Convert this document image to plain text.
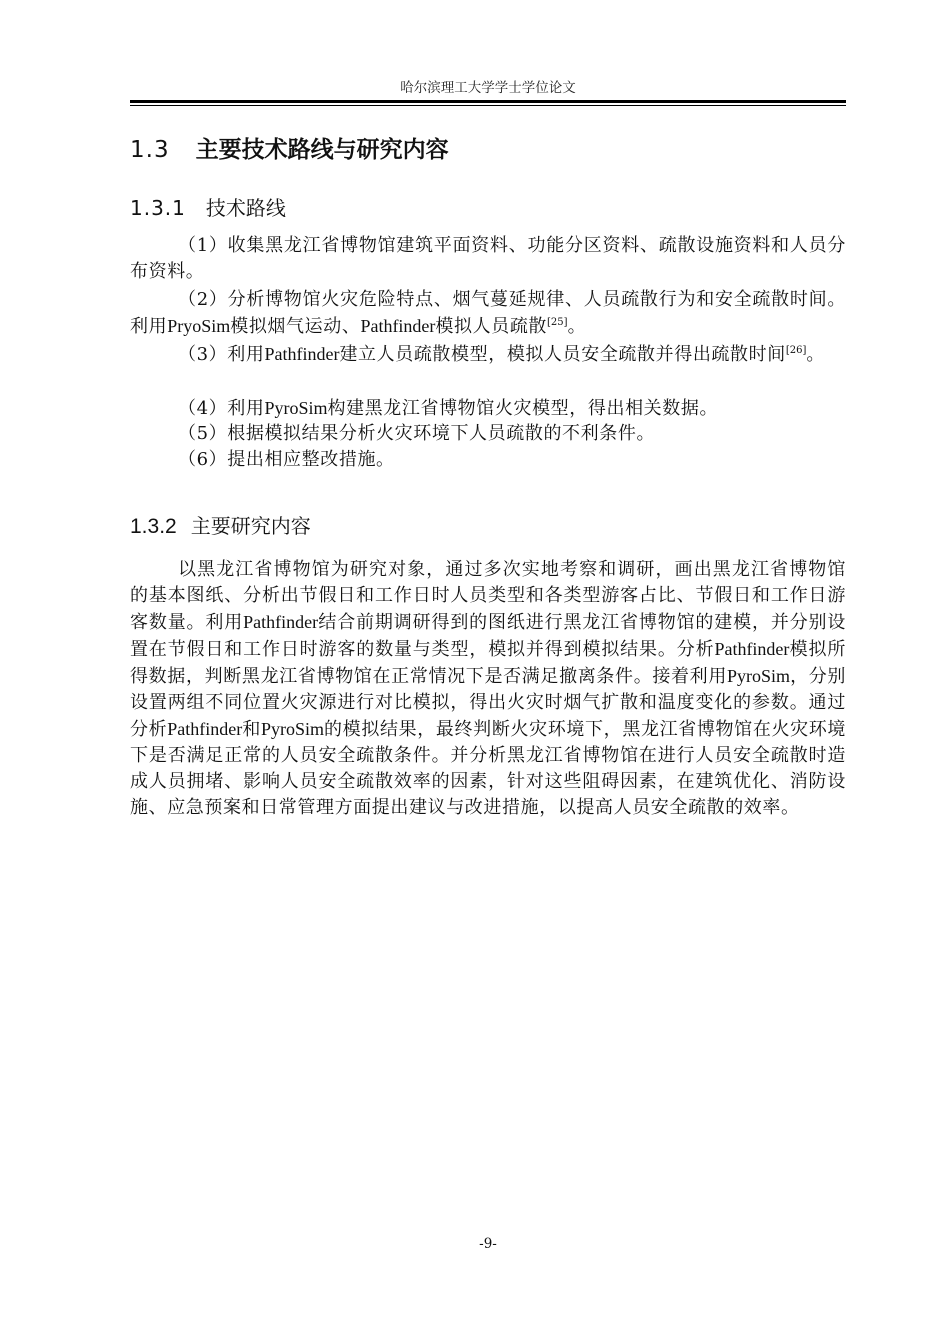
哈尔滨理工大学学士学位论文
1.3 主要技术路线与研究内容
1.3.1 技术路线

（1）收集黑龙江省博物馆建筑平面资料、功能分区资料、疏散设施资料和人员分布资料。

（2）分析博物馆火灾危险特点、烟气蔓延规律、人员疏散行为和安全疏散时间。利用PryoSim模拟烟气运动、Pathfinder模拟人员疏散[25]。

（3）利用Pathfinder建立人员疏散模型，模拟人员安全疏散并得出疏散时间[26]。

（4）利用PyroSim构建黑龙江省博物馆火灾模型，得出相关数据。

（5）根据模拟结果分析火灾环境下人员疏散的不利条件。

（6）提出相应整改措施。

1.3.2 主要研究内容

以黑龙江省博物馆为研究对象，通过多次实地考察和调研，画出黑龙江省博物馆的基本图纸、分析出节假日和工作日时人员类型和各类型游客占比、节假日和工作日游客数量。利用Pathfinder结合前期调研得到的图纸进行黑龙江省博物馆的建模，并分别设置在节假日和工作日时游客的数量与类型，模拟并得到模拟结果。分析Pathfinder模拟所得数据，判断黑龙江省博物馆在正常情况下是否满足撤离条件。接着利用PyroSim，分别设置两组不同位置火灾源进行对比模拟，得出火灾时烟气扩散和温度变化的参数。通过分析Pathfinder和PyroSim的模拟结果，最终判断火灾环境下，黑龙江省博物馆在火灾环境下是否满足正常的人员安全疏散条件。并分析黑龙江省博物馆在进行人员安全疏散时造成人员拥堵、影响人员安全疏散效率的因素，针对这些阻碍因素，在建筑优化、消防设施、应急预案和日常管理方面提出建议与改进措施，以提高人员安全疏散的效率。

-9-
